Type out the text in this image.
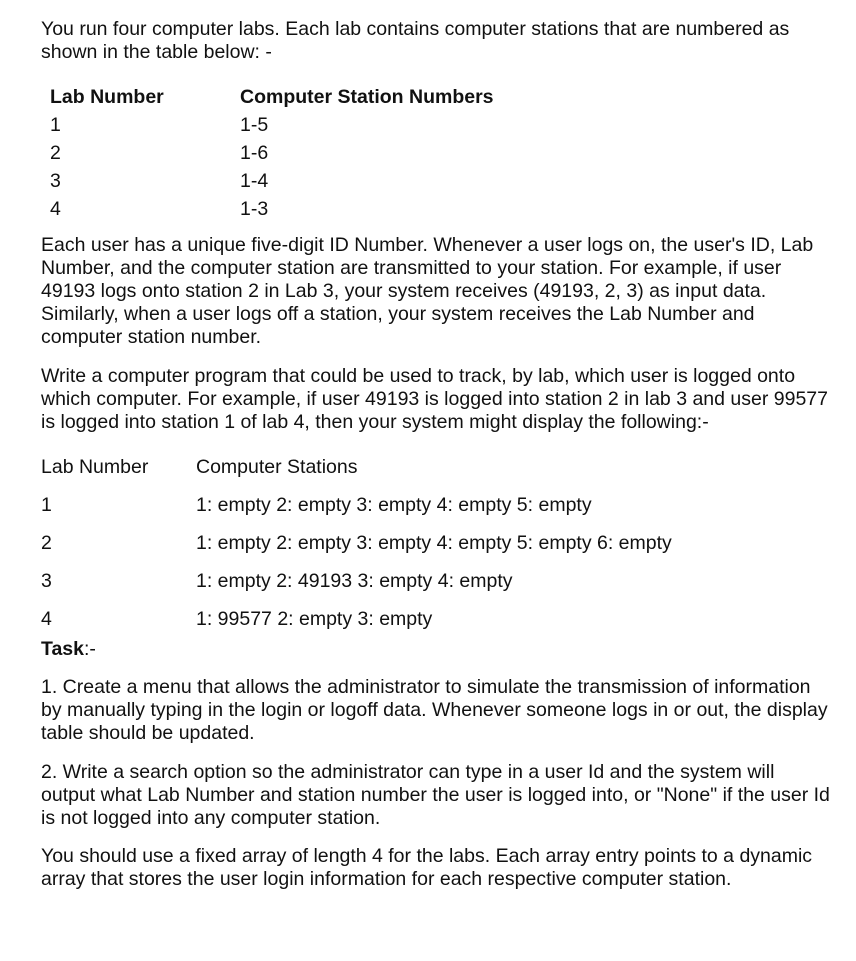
You run four computer labs. Each lab contains computer stations that are numbered as shown in the table below: -

Lab Number	Computer Station Numbers
1	1-5
2	1-6
3	1-4
4	1-3

Each user has a unique five-digit ID Number. Whenever a user logs on, the user's ID, Lab Number, and the computer station are transmitted to your station. For example, if user 49193 logs onto station 2 in Lab 3, your system receives (49193, 2, 3) as input data. Similarly, when a user logs off a station, your system receives the Lab Number and computer station number.

Write a computer program that could be used to track, by lab, which user is logged onto which computer. For example, if user 49193 is logged into station 2 in lab 3 and user 99577 is logged into station 1 of lab 4, then your system might display the following:-

Lab Number	Computer Stations
1	1: empty 2: empty 3: empty 4: empty 5: empty
2	1: empty 2: empty 3: empty 4: empty 5: empty 6: empty
3	1: empty 2: 49193 3: empty 4: empty
4	1: 99577 2: empty 3: empty

Task:-

1. Create a menu that allows the administrator to simulate the transmission of information by manually typing in the login or logoff data. Whenever someone logs in or out, the display table should be updated.

2. Write a search option so the administrator can type in a user Id and the system will output what Lab Number and station number the user is logged into, or "None" if the user Id is not logged into any computer station.

You should use a fixed array of length 4 for the labs. Each array entry points to a dynamic array that stores the user login information for each respective computer station.
